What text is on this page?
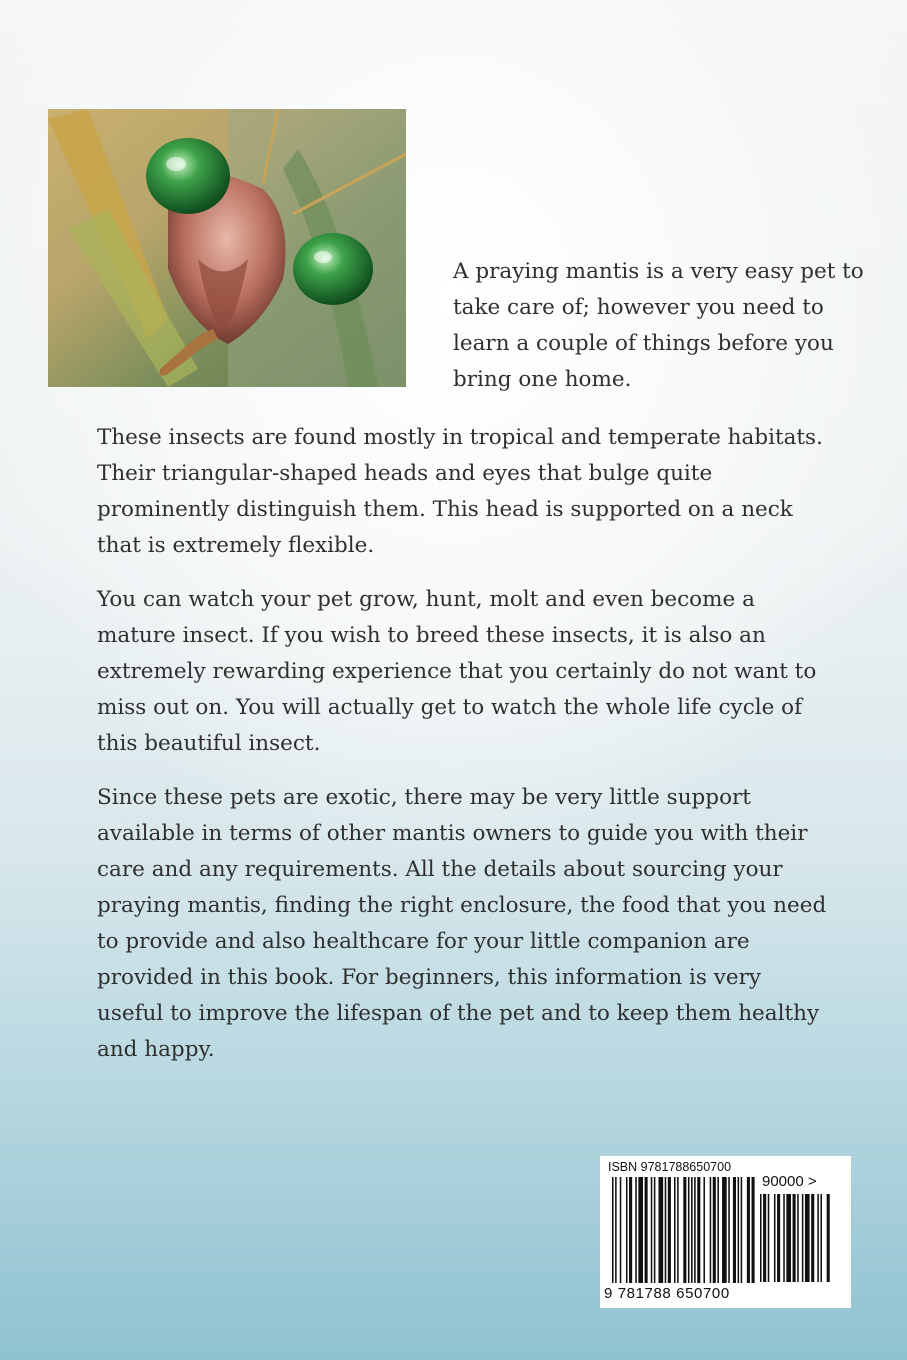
A praying mantis is a very easy pet to take care of; however you need to learn a couple of things before you bring one home.

These insects are found mostly in tropical and temperate habitats. Their triangular-shaped heads and eyes that bulge quite prominently distinguish them. This head is supported on a neck that is extremely flexible.

You can watch your pet grow, hunt, molt and even become a mature insect. If you wish to breed these insects, it is also an extremely rewarding experience that you certainly do not want to miss out on. You will actually get to watch the whole life cycle of this beautiful insect.

Since these pets are exotic, there may be very little support available in terms of other mantis owners to guide you with their care and any requirements. All the details about sourcing your praying mantis, finding the right enclosure, the food that you need to provide and also healthcare for your little companion are provided in this book. For beginners, this information is very useful to improve the lifespan of the pet and to keep them healthy and happy.

ISBN 9781788650700
90000 >
9 781788 650700
